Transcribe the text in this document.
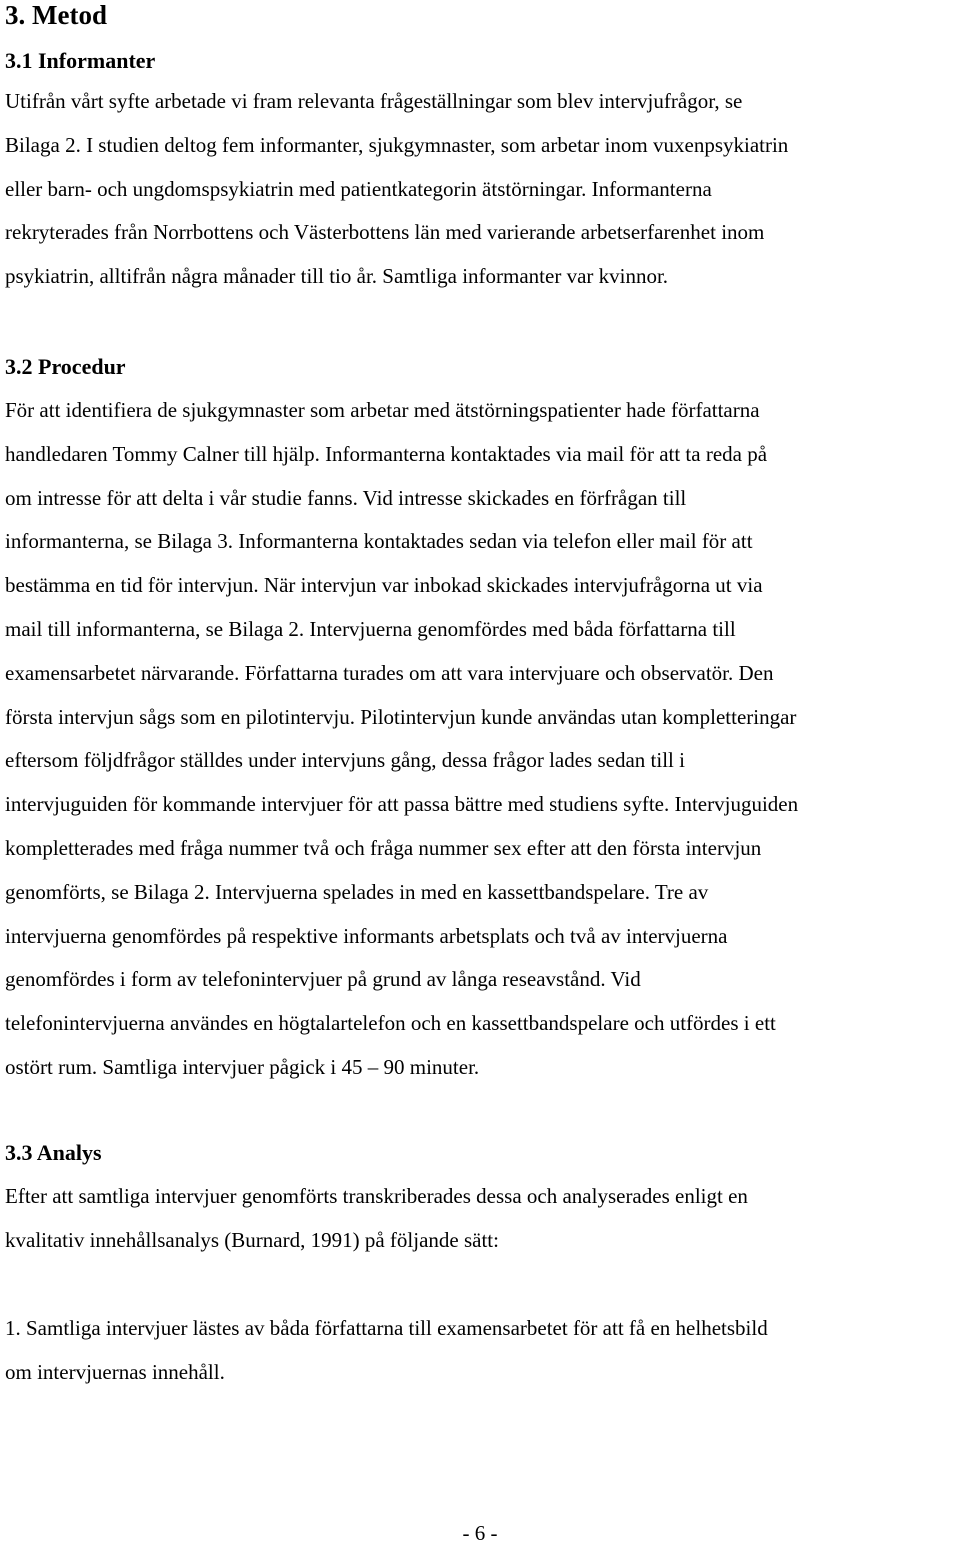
3. Metod
3.1 Informanter
Utifrån vårt syfte arbetade vi fram relevanta frågeställningar som blev intervjufrågor, se
Bilaga 2. I studien deltog fem informanter, sjukgymnaster, som arbetar inom vuxenpsykiatrin
eller barn- och ungdomspsykiatrin med patientkategorin ätstörningar. Informanterna
rekryterades från Norrbottens och Västerbottens län med varierande arbetserfarenhet inom
psykiatrin, alltifrån några månader till tio år. Samtliga informanter var kvinnor.
3.2 Procedur
För att identifiera de sjukgymnaster som arbetar med ätstörningspatienter hade författarna
handledaren Tommy Calner till hjälp. Informanterna kontaktades via mail för att ta reda på
om intresse för att delta i vår studie fanns. Vid intresse skickades en förfrågan till
informanterna, se Bilaga 3. Informanterna kontaktades sedan via telefon eller mail för att
bestämma en tid för intervjun. När intervjun var inbokad skickades intervjufrågorna ut via
mail till informanterna, se Bilaga 2. Intervjuerna genomfördes med båda författarna till
examensarbetet närvarande. Författarna turades om att vara intervjuare och observatör. Den
första intervjun sågs som en pilotintervju. Pilotintervjun kunde användas utan kompletteringar
eftersom följdfrågor ställdes under intervjuns gång, dessa frågor lades sedan till i
intervjuguiden för kommande intervjuer för att passa bättre med studiens syfte. Intervjuguiden
kompletterades med fråga nummer två och fråga nummer sex efter att den första intervjun
genomförts, se Bilaga 2. Intervjuerna spelades in med en kassettbandspelare. Tre av
intervjuerna genomfördes på respektive informants arbetsplats och två av intervjuerna
genomfördes i form av telefonintervjuer på grund av långa reseavstånd. Vid
telefonintervjuerna användes en högtalartelefon och en kassettbandspelare och utfördes i ett
ostört rum. Samtliga intervjuer pågick i 45 – 90 minuter.
3.3 Analys
Efter att samtliga intervjuer genomförts transkriberades dessa och analyserades enligt en
kvalitativ innehållsanalys (Burnard, 1991) på följande sätt:
1. Samtliga intervjuer lästes av båda författarna till examensarbetet för att få en helhetsbild
om intervjuernas innehåll.
- 6 -
